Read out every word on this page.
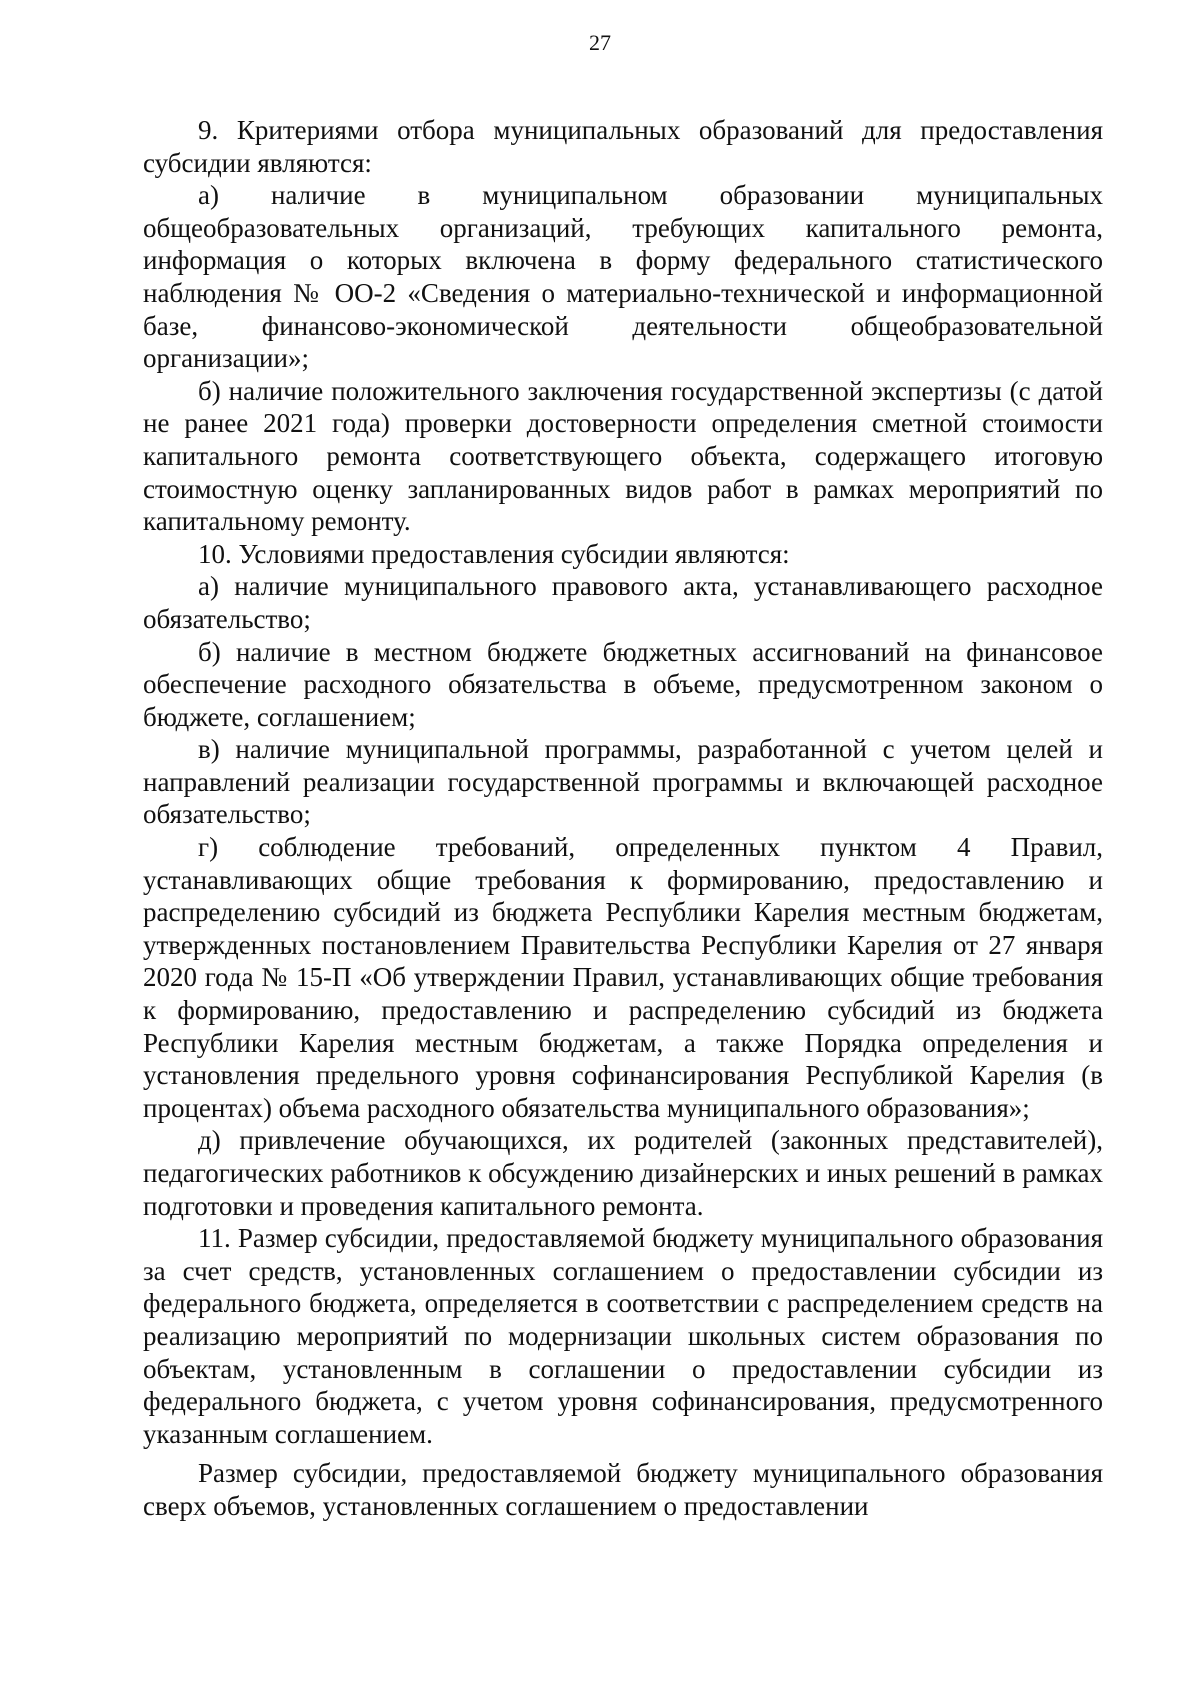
27

9. Критериями отбора муниципальных образований для предоставления субсидии являются:

а) наличие в муниципальном образовании муниципальных общеобразовательных организаций, требующих капитального ремонта, информация о которых включена в форму федерального статистического наблюдения № ОО-2 «Сведения о материально-технической и информационной базе, финансово-экономической деятельности общеобразовательной организации»;

б) наличие положительного заключения государственной экспертизы (с датой не ранее 2021 года) проверки достоверности определения сметной стоимости капитального ремонта соответствующего объекта, содержащего итоговую стоимостную оценку запланированных видов работ в рамках мероприятий по капитальному ремонту.

10. Условиями предоставления субсидии являются:

а) наличие муниципального правового акта, устанавливающего расходное обязательство;

б) наличие в местном бюджете бюджетных ассигнований на финансовое обеспечение расходного обязательства в объеме, предусмотренном законом о бюджете, соглашением;

в) наличие муниципальной программы, разработанной с учетом целей и направлений реализации государственной программы и включающей расходное обязательство;

г) соблюдение требований, определенных пунктом 4 Правил, устанавливающих общие требования к формированию, предоставлению и распределению субсидий из бюджета Республики Карелия местным бюджетам, утвержденных постановлением Правительства Республики Карелия от 27 января 2020 года № 15-П «Об утверждении Правил, устанавливающих общие требования к формированию, предоставлению и распределению субсидий из бюджета Республики Карелия местным бюджетам, а также Порядка определения и установления предельного уровня софинансирования Республикой Карелия (в процентах) объема расходного обязательства муниципального образования»;

д) привлечение обучающихся, их родителей (законных представителей), педагогических работников к обсуждению дизайнерских и иных решений в рамках подготовки и проведения капитального ремонта.

11. Размер субсидии, предоставляемой бюджету муниципального образования за счет средств, установленных соглашением о предоставлении субсидии из федерального бюджета, определяется в соответствии с распределением средств на реализацию мероприятий по модернизации школьных систем образования по объектам, установленным в соглашении о предоставлении субсидии из федерального бюджета, с учетом уровня софинансирования, предусмотренного указанным соглашением.

Размер субсидии, предоставляемой бюджету муниципального образования сверх объемов, установленных соглашением о предоставлении
